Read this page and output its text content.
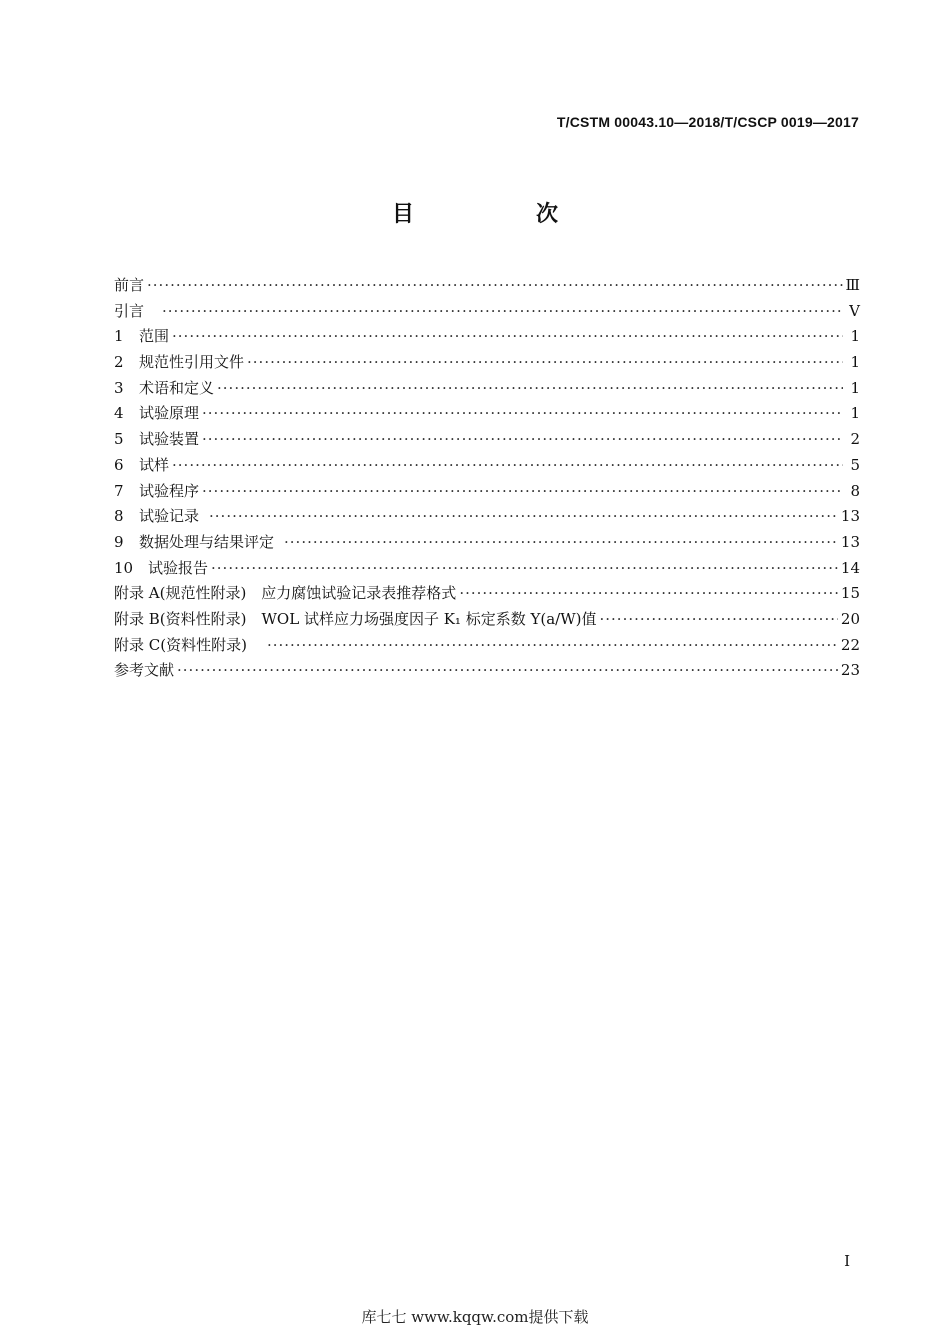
T/CSTM 00043.10—2018/T/CSCP 0019—2017
目　次
前言 ·····	Ⅲ
引言 ·····	Ⅴ
1	范围 ·····	1
2	规范性引用文件 ·····	1
3	术语和定义 ·····	1
4	试验原理 ·····	1
5	试验装置 ·····	2
6	试样 ·····	5
7	试验程序 ·····	8
8	试验记录 ·····	13
9	数据处理与结果评定 ·····	13
10 试验报告 ·····	14
附录 A(规范性附录)　应力腐蚀试验记录表推荐格式 ·····	15
附录 B(资料性附录)　WOL 试样应力场强度因子 K₁ 标定系数 Y(a/W)值 ·····	20
附录 C(资料性附录) ·····	22
参考文献 ·····	23
I
库七七 www.kqqw.com提供下载
